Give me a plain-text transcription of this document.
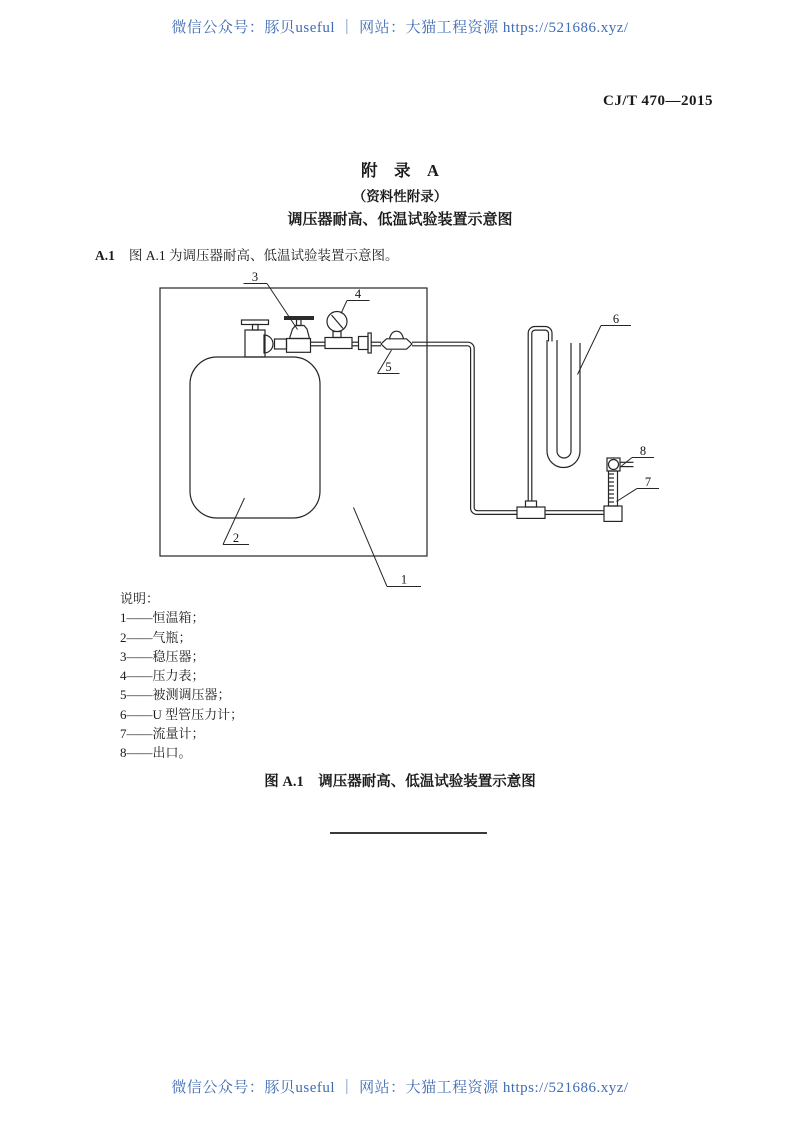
微信公众号：豚贝useful ｜ 网站：大猫工程资源 https://521686.xyz/
CJ/T 470—2015
附　录　A
（资料性附录）
调压器耐高、低温试验装置示意图
A.1 图 A.1 为调压器耐高、低温试验装置示意图。
1
2
3
4
5
6
7
8
说明：
1——恒温箱；
2——气瓶；
3——稳压器；
4——压力表；
5——被测调压器；
6——U 型管压力计；
7——流量计；
8——出口。
图 A.1　调压器耐高、低温试验装置示意图
微信公众号：豚贝useful ｜ 网站：大猫工程资源 https://521686.xyz/
